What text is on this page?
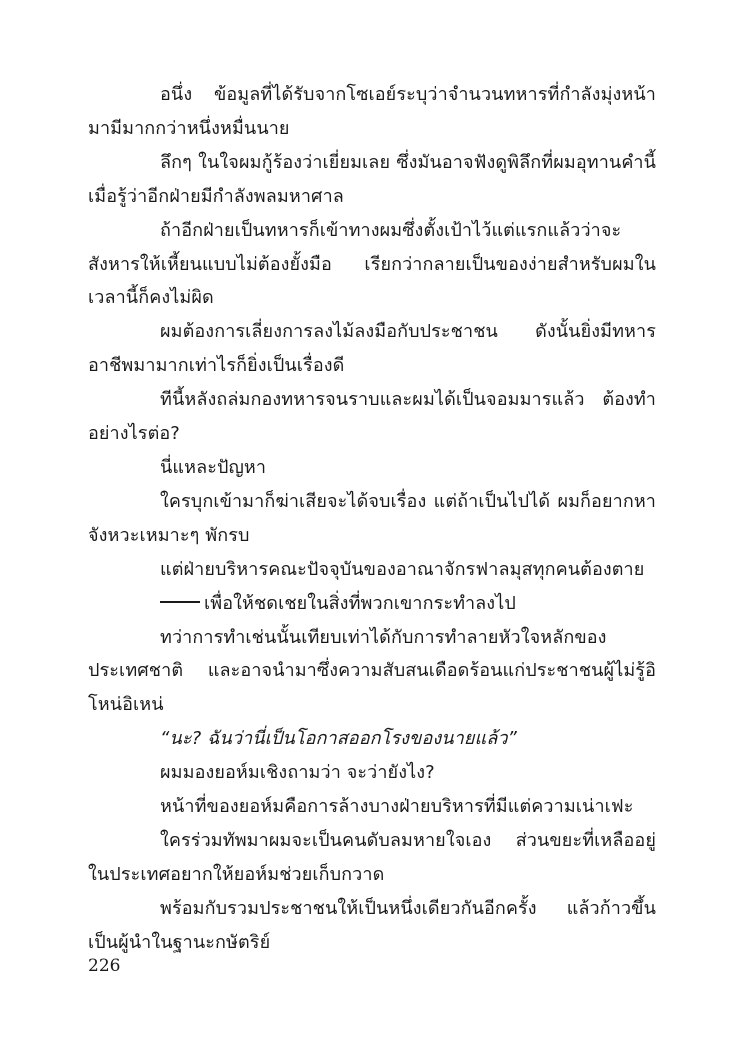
อนึ่ง ข้อมูลที่ได้รับจากโซเอย์ระบุว่าจำนวนทหารที่กำลังมุ่งหน้ามามีมากกว่าหนึ่งหมื่นนาย

ลึกๆ ในใจผมกู้ร้องว่าเยี่ยมเลย ซึ่งมันอาจฟังดูพิลึกที่ผมอุทานคำนี้เมื่อรู้ว่าอีกฝ่ายมีกำลังพลมหาศาล

ถ้าอีกฝ่ายเป็นทหารก็เข้าทางผมซึ่งตั้งเป้าไว้แต่แรกแล้วว่าจะสังหารให้เหี้ยนแบบไม่ต้องยั้งมือ เรียกว่ากลายเป็นของง่ายสำหรับผมในเวลานี้ก็คงไม่ผิด

ผมต้องการเลี่ยงการลงไม้ลงมือกับประชาชน ดังนั้นยิ่งมีทหารอาชีพมามากเท่าไรก็ยิ่งเป็นเรื่องดี

ทีนี้หลังถล่มกองทหารจนราบและผมได้เป็นจอมมารแล้ว ต้องทำอย่างไรต่อ?

นี่แหละปัญหา

ใครบุกเข้ามาก็ฆ่าเสียจะได้จบเรื่อง แต่ถ้าเป็นไปได้ ผมก็อยากหาจังหวะเหมาะๆ พักรบ

แต่ฝ่ายบริหารคณะปัจจุบันของอาณาจักรฟาลมุสทุกคนต้องตาย

เพื่อให้ชดเชยในสิ่งที่พวกเขากระทำลงไป

ทว่าการทำเช่นนั้นเทียบเท่าได้กับการทำลายหัวใจหลักของประเทศชาติ และอาจนำมาซึ่งความสับสนเดือดร้อนแก่ประชาชนผู้ไม่รู้อิโหน่อิเหน่

“นะ? ฉันว่านี่เป็นโอกาสออกโรงของนายแล้ว”

ผมมองยอห์มเชิงถามว่า จะว่ายังไง?

หน้าที่ของยอห์มคือการล้างบางฝ่ายบริหารที่มีแต่ความเน่าเฟะ

ใครร่วมทัพมาผมจะเป็นคนดับลมหายใจเอง ส่วนขยะที่เหลืออยู่ในประเทศอยากให้ยอห์มช่วยเก็บกวาด

พร้อมกับรวมประชาชนให้เป็นหนึ่งเดียวกันอีกครั้ง แล้วก้าวขึ้นเป็นผู้นำในฐานะกษัตริย์

226
